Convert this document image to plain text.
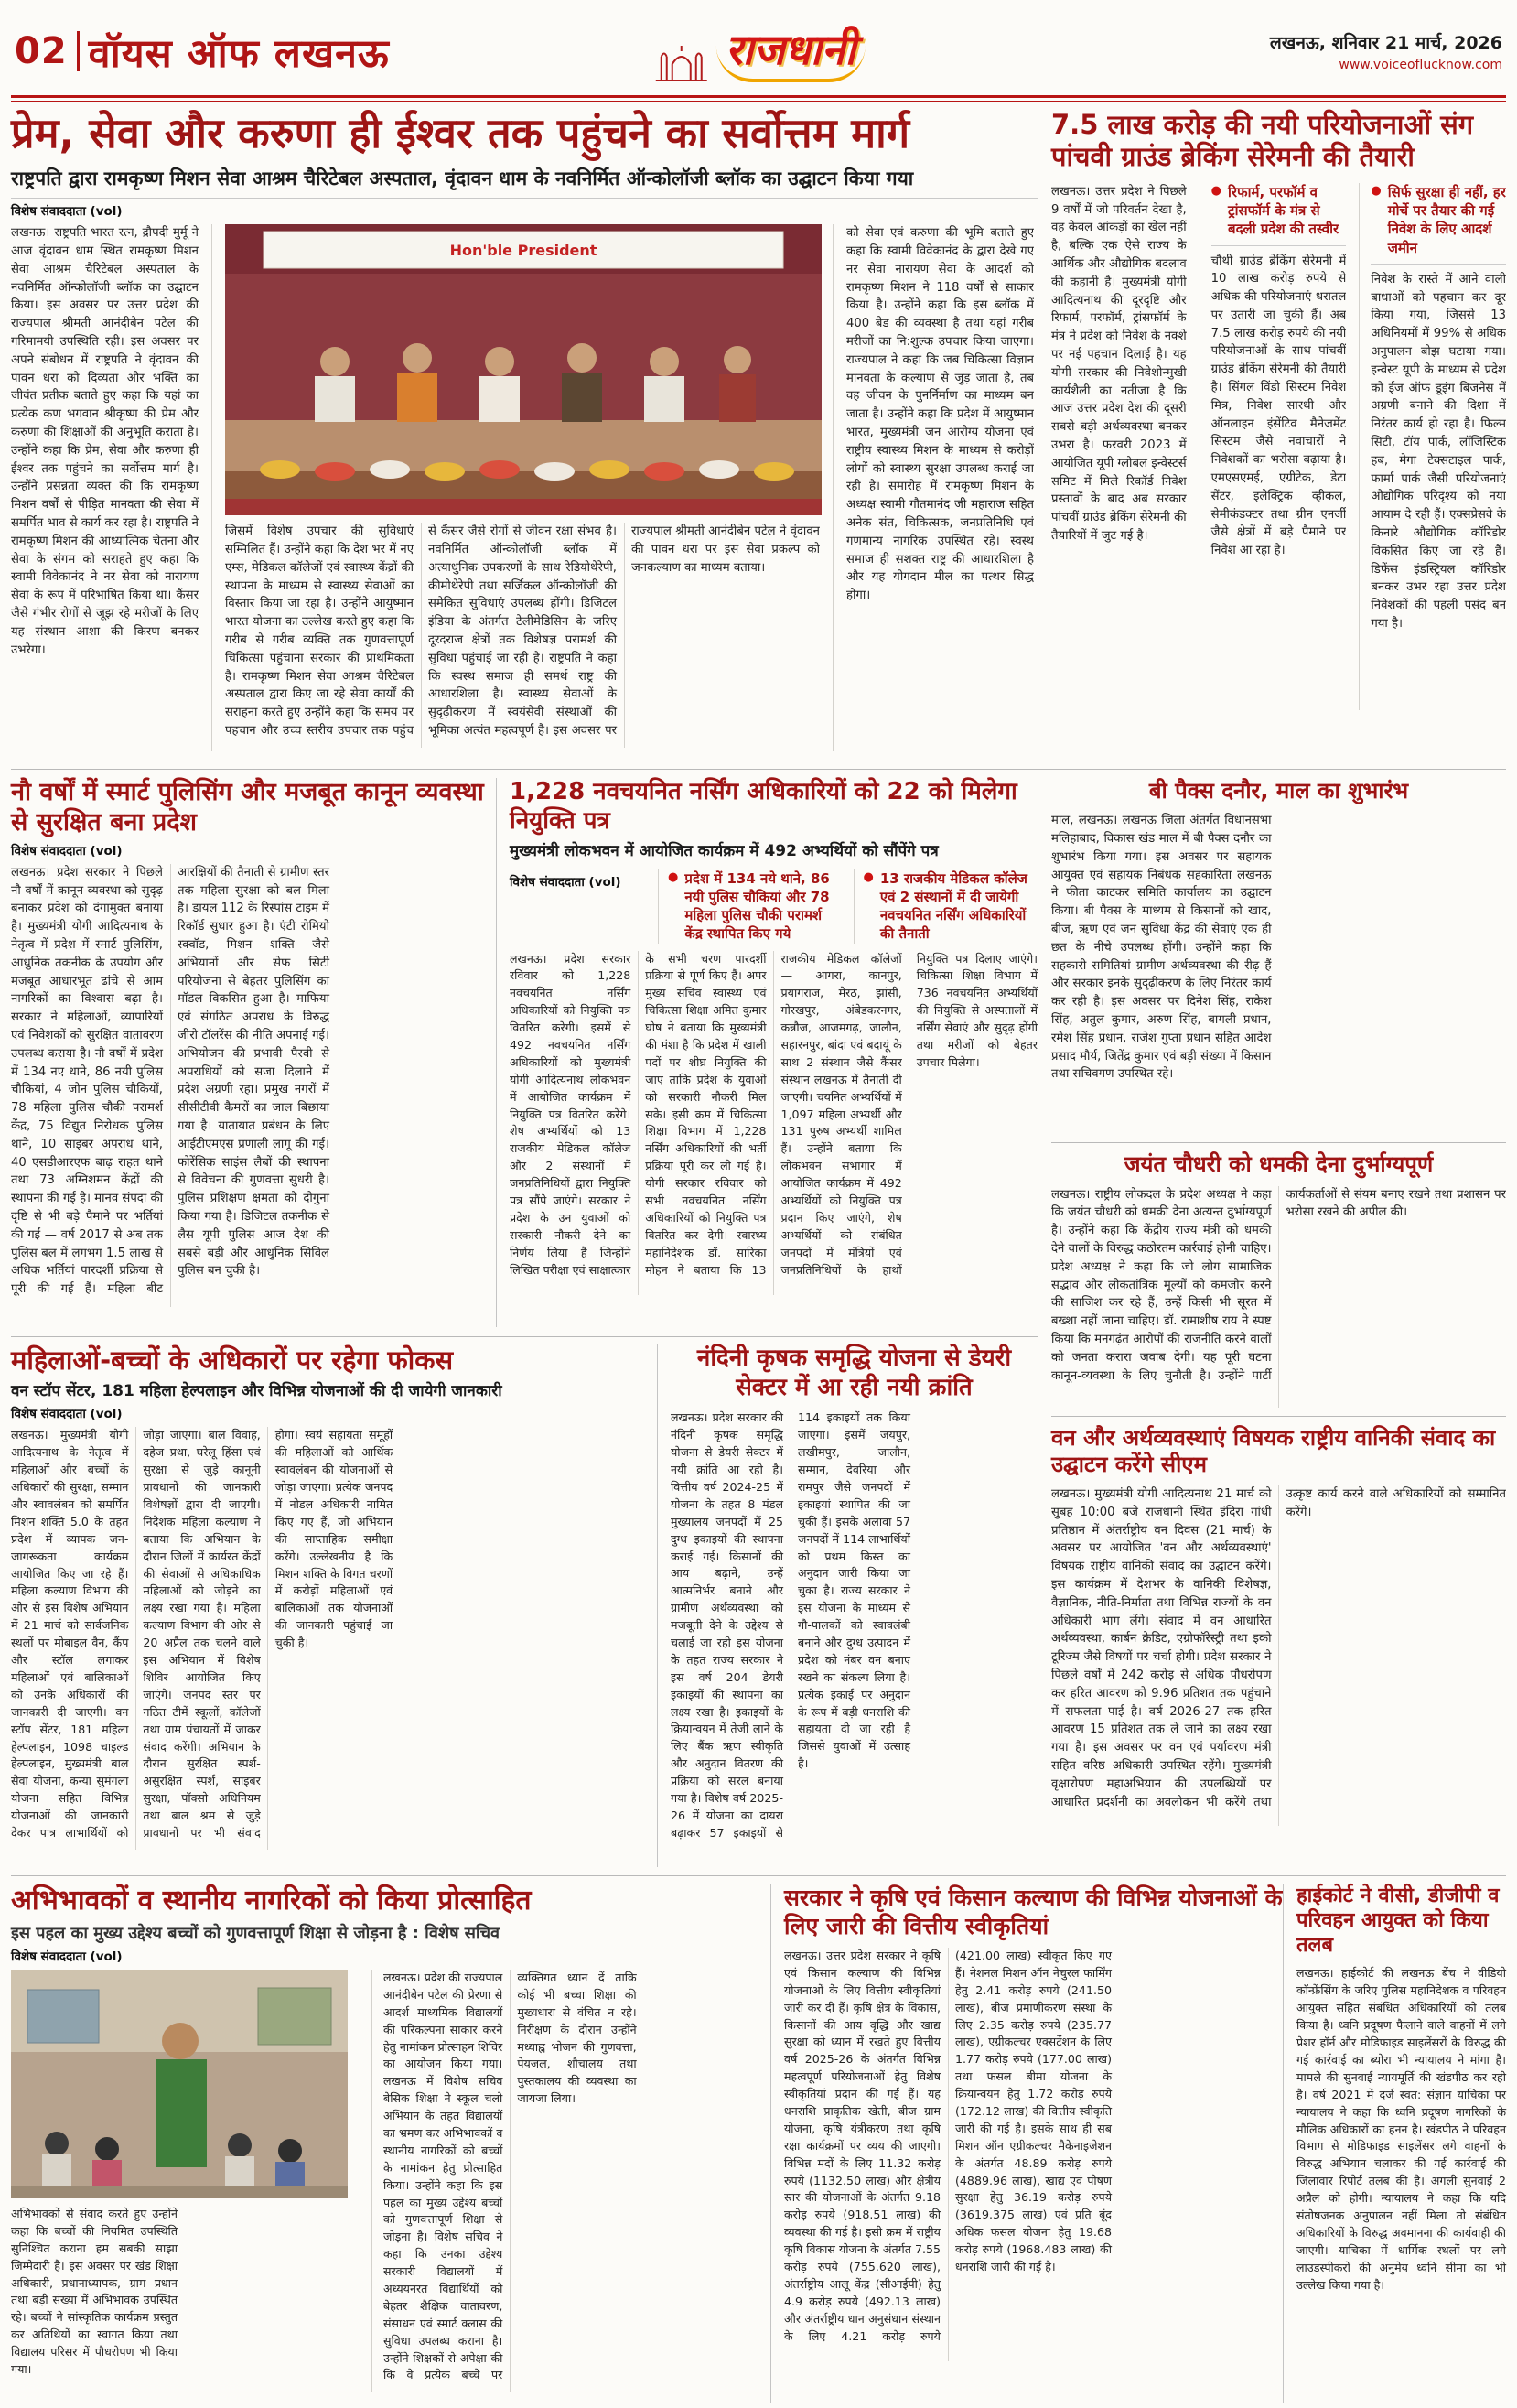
02 वॉयस ऑफ लखनऊ	राजधानी	लखनऊ, शनिवार 21 मार्च, 2026
www.voiceoflucknow.com
प्रेम, सेवा और करुणा ही ईश्वर तक पहुंचने का सर्वोत्तम मार्ग
राष्ट्रपति द्वारा रामकृष्ण मिशन सेवा आश्रम चैरिटेबल अस्पताल, वृंदावन धाम के नवनिर्मित ऑन्कोलॉजी ब्लॉक का उद्घाटन किया गया
विशेष संवाददाता (vol)
लखनऊ। राष्ट्रपति भारत रत्न, द्रौपदी मुर्मू ने आज वृंदावन धाम स्थित रामकृष्ण मिशन सेवा आश्रम चैरिटेबल अस्पताल के नवनिर्मित ऑन्कोलॉजी ब्लॉक का उद्घाटन किया। इस अवसर पर उत्तर प्रदेश की राज्यपाल श्रीमती आनंदीबेन पटेल की गरिमामयी उपस्थिति रही। इस अवसर पर अपने संबोधन में राष्ट्रपति ने वृंदावन की पावन धरा को दिव्यता और भक्ति का जीवंत प्रतीक बताते हुए कहा कि यहां का प्रत्येक कण भगवान श्रीकृष्ण की प्रेम और करुणा की शिक्षाओं की अनुभूति कराता है। उन्होंने कहा कि प्रेम, सेवा और करुणा ही ईश्वर तक पहुंचने का सर्वोत्तम मार्ग है। उन्होंने प्रसन्नता व्यक्त की कि रामकृष्ण मिशन वर्षों से पीड़ित मानवता की सेवा में समर्पित भाव से कार्य कर रहा है। राष्ट्रपति ने रामकृष्ण मिशन की आध्यात्मिक चेतना और सेवा के संगम को सराहते हुए कहा कि स्वामी विवेकानंद ने नर सेवा को नारायण सेवा के रूप में परिभाषित किया था। कैंसर जैसे गंभीर रोगों से जूझ रहे मरीजों के लिए यह संस्थान आशा की किरण बनकर उभरेगा।
Hon'ble President
जिसमें विशेष उपचार की सुविधाएं सम्मिलित हैं। उन्होंने कहा कि देश भर में नए एम्स, मेडिकल कॉलेजों एवं स्वास्थ्य केंद्रों की स्थापना के माध्यम से स्वास्थ्य सेवाओं का विस्तार किया जा रहा है। उन्होंने आयुष्मान भारत योजना का उल्लेख करते हुए कहा कि गरीब से गरीब व्यक्ति तक गुणवत्तापूर्ण चिकित्सा पहुंचाना सरकार की प्राथमिकता है। रामकृष्ण मिशन सेवा आश्रम चैरिटेबल अस्पताल द्वारा किए जा रहे सेवा कार्यों की सराहना करते हुए उन्होंने कहा कि समय पर पहचान और उच्च स्तरीय उपचार तक पहुंच से कैंसर जैसे रोगों से जीवन रक्षा संभव है। नवनिर्मित ऑन्कोलॉजी ब्लॉक में अत्याधुनिक उपकरणों के साथ रेडियोथेरेपी, कीमोथेरेपी तथा सर्जिकल ऑन्कोलॉजी की समेकित सुविधाएं उपलब्ध होंगी। डिजिटल इंडिया के अंतर्गत टेलीमेडिसिन के जरिए दूरदराज क्षेत्रों तक विशेषज्ञ परामर्श की सुविधा पहुंचाई जा रही है। राष्ट्रपति ने कहा कि स्वस्थ समाज ही समर्थ राष्ट्र की आधारशिला है। स्वास्थ्य सेवाओं के सुदृढ़ीकरण में स्वयंसेवी संस्थाओं की भूमिका अत्यंत महत्वपूर्ण है। इस अवसर पर राज्यपाल श्रीमती आनंदीबेन पटेल ने वृंदावन की पावन धरा पर इस सेवा प्रकल्प को जनकल्याण का माध्यम बताया।
को सेवा एवं करुणा की भूमि बताते हुए कहा कि स्वामी विवेकानंद के द्वारा देखे गए नर सेवा नारायण सेवा के आदर्श को रामकृष्ण मिशन ने 118 वर्षों से साकार किया है। उन्होंने कहा कि इस ब्लॉक में 400 बेड की व्यवस्था है तथा यहां गरीब मरीजों का नि:शुल्क उपचार किया जाएगा। राज्यपाल ने कहा कि जब चिकित्सा विज्ञान मानवता के कल्याण से जुड़ जाता है, तब वह जीवन के पुनर्निर्माण का माध्यम बन जाता है। उन्होंने कहा कि प्रदेश में आयुष्मान भारत, मुख्यमंत्री जन आरोग्य योजना एवं राष्ट्रीय स्वास्थ्य मिशन के माध्यम से करोड़ों लोगों को स्वास्थ्य सुरक्षा उपलब्ध कराई जा रही है। समारोह में रामकृष्ण मिशन के अध्यक्ष स्वामी गौतमानंद जी महाराज सहित अनेक संत, चिकित्सक, जनप्रतिनिधि एवं गणमान्य नागरिक उपस्थित रहे। स्वस्थ समाज ही सशक्त राष्ट्र की आधारशिला है और यह योगदान मील का पत्थर सिद्ध होगा।
7.5 लाख करोड़ की नयी परियोजनाओं संग पांचवी ग्राउंड ब्रेकिंग सेरेमनी की तैयारी
लखनऊ। उत्तर प्रदेश ने पिछले 9 वर्षों में जो परिवर्तन देखा है, वह केवल आंकड़ों का खेल नहीं है, बल्कि एक ऐसे राज्य के आर्थिक और औद्योगिक बदलाव की कहानी है। मुख्यमंत्री योगी आदित्यनाथ की दूरदृष्टि और रिफार्म, परफॉर्म, ट्रांसफॉर्म के मंत्र ने प्रदेश को निवेश के नक्शे पर नई पहचान दिलाई है। यह योगी सरकार की निवेशोन्मुखी कार्यशैली का नतीजा है कि आज उत्तर प्रदेश देश की दूसरी सबसे बड़ी अर्थव्यवस्था बनकर उभरा है। फरवरी 2023 में आयोजित यूपी ग्लोबल इन्वेस्टर्स समिट में मिले रिकॉर्ड निवेश प्रस्तावों के बाद अब सरकार पांचवीं ग्राउंड ब्रेकिंग सेरेमनी की तैयारियों में जुट गई है।
● रिफार्म, परफॉर्म व ट्रांसफॉर्म के मंत्र से बदली प्रदेश की तस्वीर
चौथी ग्राउंड ब्रेकिंग सेरेमनी में 10 लाख करोड़ रुपये से अधिक की परियोजनाएं धरातल पर उतारी जा चुकी हैं। अब 7.5 लाख करोड़ रुपये की नयी परियोजनाओं के साथ पांचवीं ग्राउंड ब्रेकिंग सेरेमनी की तैयारी है। सिंगल विंडो सिस्टम निवेश मित्र, निवेश सारथी और ऑनलाइन इंसेंटिव मैनेजमेंट सिस्टम जैसे नवाचारों ने निवेशकों का भरोसा बढ़ाया है। एमएसएमई, एग्रीटेक, डेटा सेंटर, इलेक्ट्रिक व्हीकल, सेमीकंडक्टर तथा ग्रीन एनर्जी जैसे क्षेत्रों में बड़े पैमाने पर निवेश आ रहा है।
● सिर्फ सुरक्षा ही नहीं, हर मोर्चे पर तैयार की गई निवेश के लिए आदर्श जमीन
निवेश के रास्ते में आने वाली बाधाओं को पहचान कर दूर किया गया, जिससे 13 अधिनियमों में 99% से अधिक अनुपालन बोझ घटाया गया। इन्वेस्ट यूपी के माध्यम से प्रदेश को ईज ऑफ डूइंग बिजनेस में अग्रणी बनाने की दिशा में निरंतर कार्य हो रहा है। फिल्म सिटी, टॉय पार्क, लॉजिस्टिक हब, मेगा टेक्सटाइल पार्क, फार्मा पार्क जैसी परियोजनाएं औद्योगिक परिदृश्य को नया आयाम दे रही हैं। एक्सप्रेसवे के किनारे औद्योगिक कॉरिडोर विकसित किए जा रहे हैं। डिफेंस इंडस्ट्रियल कॉरिडोर बनकर उभर रहा उत्तर प्रदेश निवेशकों की पहली पसंद बन गया है।
नौ वर्षों में स्मार्ट पुलिसिंग और मजबूत कानून व्यवस्था से सुरक्षित बना प्रदेश
विशेष संवाददाता (vol)
लखनऊ। प्रदेश सरकार ने पिछले नौ वर्षों में कानून व्यवस्था को सुदृढ़ बनाकर प्रदेश को दंगामुक्त बनाया है। मुख्यमंत्री योगी आदित्यनाथ के नेतृत्व में प्रदेश में स्मार्ट पुलिसिंग, आधुनिक तकनीक के उपयोग और मजबूत आधारभूत ढांचे से आम नागरिकों का विश्वास बढ़ा है। सरकार ने महिलाओं, व्यापारियों एवं निवेशकों को सुरक्षित वातावरण उपलब्ध कराया है। नौ वर्षों में प्रदेश में 134 नए थाने, 86 नयी पुलिस चौकियां, 4 जोन पुलिस चौकियों, 78 महिला पुलिस चौकी परामर्श केंद्र, 75 विद्युत निरोधक पुलिस थाने, 10 साइबर अपराध थाने, 40 एसडीआरएफ बाढ़ राहत थाने तथा 73 अग्निशमन केंद्रों की स्थापना की गई है। मानव संपदा की दृष्टि से भी बड़े पैमाने पर भर्तियां की गईं — वर्ष 2017 से अब तक पुलिस बल में लगभग 1.5 लाख से अधिक भर्तियां पारदर्शी प्रक्रिया से पूरी की गई हैं। महिला बीट आरक्षियों की तैनाती से ग्रामीण स्तर तक महिला सुरक्षा को बल मिला है। डायल 112 के रिस्पांस टाइम में रिकॉर्ड सुधार हुआ है। एंटी रोमियो स्क्वॉड, मिशन शक्ति जैसे अभियानों और सेफ सिटी परियोजना से बेहतर पुलिसिंग का मॉडल विकसित हुआ है। माफिया एवं संगठित अपराध के विरुद्ध जीरो टॉलरेंस की नीति अपनाई गई। अभियोजन की प्रभावी पैरवी से अपराधियों को सजा दिलाने में प्रदेश अग्रणी रहा। प्रमुख नगरों में सीसीटीवी कैमरों का जाल बिछाया गया है। यातायात प्रबंधन के लिए आईटीएमएस प्रणाली लागू की गई। फोरेंसिक साइंस लैबों की स्थापना से विवेचना की गुणवत्ता सुधरी है। पुलिस प्रशिक्षण क्षमता को दोगुना किया गया है। डिजिटल तकनीक से लैस यूपी पुलिस आज देश की सबसे बड़ी और आधुनिक सिविल पुलिस बन चुकी है।
1,228 नवचयनित नर्सिंग अधिकारियों को 22 को मिलेगा नियुक्ति पत्र
मुख्यमंत्री लोकभवन में आयोजित कार्यक्रम में 492 अभ्यर्थियों को सौंपेंगे पत्र
विशेष संवाददाता (vol)	● प्रदेश में 134 नये थाने, 86 नयी पुलिस चौकियां और 78 महिला पुलिस चौकी परामर्श केंद्र स्थापित किए गये
● 13 राजकीय मेडिकल कॉलेज एवं 2 संस्थानों में दी जायेगी नवचयनित नर्सिंग अधिकारियों की तैनाती
लखनऊ। प्रदेश सरकार रविवार को 1,228 नवचयनित नर्सिंग अधिकारियों को नियुक्ति पत्र वितरित करेगी। इसमें से 492 नवचयनित नर्सिंग अधिकारियों को मुख्यमंत्री योगी आदित्यनाथ लोकभवन में आयोजित कार्यक्रम में नियुक्ति पत्र वितरित करेंगे। शेष अभ्यर्थियों को 13 राजकीय मेडिकल कॉलेज और 2 संस्थानों में जनप्रतिनिधियों द्वारा नियुक्ति पत्र सौंपे जाएंगे। सरकार ने प्रदेश के उन युवाओं को सरकारी नौकरी देने का निर्णय लिया है जिन्होंने लिखित परीक्षा एवं साक्षात्कार के सभी चरण पारदर्शी प्रक्रिया से पूर्ण किए हैं। अपर मुख्य सचिव स्वास्थ्य एवं चिकित्सा शिक्षा अमित कुमार घोष ने बताया कि मुख्यमंत्री की मंशा है कि प्रदेश में खाली पदों पर शीघ्र नियुक्ति की जाए ताकि प्रदेश के युवाओं को सरकारी नौकरी मिल सके। इसी क्रम में चिकित्सा शिक्षा विभाग में 1,228 नर्सिंग अधिकारियों की भर्ती प्रक्रिया पूरी कर ली गई है। योगी सरकार रविवार को सभी नवचयनित नर्सिंग अधिकारियों को नियुक्ति पत्र वितरित कर देगी। स्वास्थ्य महानिदेशक डॉ. सारिका मोहन ने बताया कि 13 राजकीय मेडिकल कॉलेजों — आगरा, कानपुर, प्रयागराज, मेरठ, झांसी, गोरखपुर, अंबेडकरनगर, कन्नौज, आजमगढ़, जालौन, सहारनपुर, बांदा एवं बदायूं के साथ 2 संस्थान जैसे कैंसर संस्थान लखनऊ में तैनाती दी जाएगी। चयनित अभ्यर्थियों में 1,097 महिला अभ्यर्थी और 131 पुरुष अभ्यर्थी शामिल हैं। उन्होंने बताया कि लोकभवन सभागार में आयोजित कार्यक्रम में 492 अभ्यर्थियों को नियुक्ति पत्र प्रदान किए जाएंगे, शेष अभ्यर्थियों को संबंधित जनपदों में मंत्रियों एवं जनप्रतिनिधियों के हाथों नियुक्ति पत्र दिलाए जाएंगे। चिकित्सा शिक्षा विभाग में 736 नवचयनित अभ्यर्थियों की नियुक्ति से अस्पतालों में नर्सिंग सेवाएं और सुदृढ़ होंगी तथा मरीजों को बेहतर उपचार मिलेगा।
महिलाओं-बच्चों के अधिकारों पर रहेगा फोकस
वन स्टॉप सेंटर, 181 महिला हेल्पलाइन और विभिन्न योजनाओं की दी जायेगी जानकारी
विशेष संवाददाता (vol)
लखनऊ। मुख्यमंत्री योगी आदित्यनाथ के नेतृत्व में महिलाओं और बच्चों के अधिकारों की सुरक्षा, सम्मान और स्वावलंबन को समर्पित मिशन शक्ति 5.0 के तहत प्रदेश में व्यापक जन-जागरूकता कार्यक्रम आयोजित किए जा रहे हैं। महिला कल्याण विभाग की ओर से इस विशेष अभियान में 21 मार्च को सार्वजनिक स्थलों पर मोबाइल वैन, कैंप और स्टॉल लगाकर महिलाओं एवं बालिकाओं को उनके अधिकारों की जानकारी दी जाएगी। वन स्टॉप सेंटर, 181 महिला हेल्पलाइन, 1098 चाइल्ड हेल्पलाइन, मुख्यमंत्री बाल सेवा योजना, कन्या सुमंगला योजना सहित विभिन्न योजनाओं की जानकारी देकर पात्र लाभार्थियों को जोड़ा जाएगा। बाल विवाह, दहेज प्रथा, घरेलू हिंसा एवं सुरक्षा से जुड़े कानूनी प्रावधानों की जानकारी विशेषज्ञों द्वारा दी जाएगी। निदेशक महिला कल्याण ने बताया कि अभियान के दौरान जिलों में कार्यरत केंद्रों की सेवाओं से अधिकाधिक महिलाओं को जोड़ने का लक्ष्य रखा गया है। महिला कल्याण विभाग की ओर से 20 अप्रैल तक चलने वाले इस अभियान में विशेष शिविर आयोजित किए जाएंगे। जनपद स्तर पर गठित टीमें स्कूलों, कॉलेजों तथा ग्राम पंचायतों में जाकर संवाद करेंगी। अभियान के दौरान सुरक्षित स्पर्श-असुरक्षित स्पर्श, साइबर सुरक्षा, पॉक्सो अधिनियम तथा बाल श्रम से जुड़े प्रावधानों पर भी संवाद होगा। स्वयं सहायता समूहों की महिलाओं को आर्थिक स्वावलंबन की योजनाओं से जोड़ा जाएगा। प्रत्येक जनपद में नोडल अधिकारी नामित किए गए हैं, जो अभियान की साप्ताहिक समीक्षा करेंगे। उल्लेखनीय है कि मिशन शक्ति के विगत चरणों में करोड़ों महिलाओं एवं बालिकाओं तक योजनाओं की जानकारी पहुंचाई जा चुकी है।
नंदिनी कृषक समृद्धि योजना से डेयरी सेक्टर में आ रही नयी क्रांति
लखनऊ। प्रदेश सरकार की नंदिनी कृषक समृद्धि योजना से डेयरी सेक्टर में नयी क्रांति आ रही है। वित्तीय वर्ष 2024-25 में योजना के तहत 8 मंडल मुख्यालय जनपदों में 25 दुग्ध इकाइयों की स्थापना कराई गई। किसानों की आय बढ़ाने, उन्हें आत्मनिर्भर बनाने और ग्रामीण अर्थव्यवस्था को मजबूती देने के उद्देश्य से चलाई जा रही इस योजना के तहत राज्य सरकार ने इस वर्ष 204 डेयरी इकाइयों की स्थापना का लक्ष्य रखा है। इकाइयों के क्रियान्वयन में तेजी लाने के लिए बैंक ऋण स्वीकृति और अनुदान वितरण की प्रक्रिया को सरल बनाया गया है। विशेष वर्ष 2025-26 में योजना का दायरा बढ़ाकर 57 इकाइयों से 114 इकाइयों तक किया जाएगा। इसमें जयपुर, लखीमपुर, जालौन, सम्मान, देवरिया और रामपुर जैसे जनपदों में इकाइयां स्थापित की जा चुकी हैं। इसके अलावा 57 जनपदों में 114 लाभार्थियों को प्रथम किस्त का अनुदान जारी किया जा चुका है। राज्य सरकार ने इस योजना के माध्यम से गौ-पालकों को स्वावलंबी बनाने और दुग्ध उत्पादन में प्रदेश को नंबर वन बनाए रखने का संकल्प लिया है। प्रत्येक इकाई पर अनुदान के रूप में बड़ी धनराशि की सहायता दी जा रही है जिससे युवाओं में उत्साह है।
बी पैक्स दनौर, माल का शुभारंभ
माल, लखनऊ। लखनऊ जिला अंतर्गत विधानसभा मलिहाबाद, विकास खंड माल में बी पैक्स दनौर का शुभारंभ किया गया। इस अवसर पर सहायक आयुक्त एवं सहायक निबंधक सहकारिता लखनऊ ने फीता काटकर समिति कार्यालय का उद्घाटन किया। बी पैक्स के माध्यम से किसानों को खाद, बीज, ऋण एवं जन सुविधा केंद्र की सेवाएं एक ही छत के नीचे उपलब्ध होंगी। उन्होंने कहा कि सहकारी समितियां ग्रामीण अर्थव्यवस्था की रीढ़ हैं और सरकार इनके सुदृढ़ीकरण के लिए निरंतर कार्य कर रही है। इस अवसर पर दिनेश सिंह, राकेश सिंह, अतुल कुमार, अरुण सिंह, बागली प्रधान, रमेश सिंह प्रधान, राजेश गुप्ता प्रधान सहित आदेश प्रसाद मौर्य, जितेंद्र कुमार एवं बड़ी संख्या में किसान तथा सचिवगण उपस्थित रहे।
जयंत चौधरी को धमकी देना दुर्भाग्यपूर्ण
लखनऊ। राष्ट्रीय लोकदल के प्रदेश अध्यक्ष ने कहा कि जयंत चौधरी को धमकी देना अत्यन्त दुर्भाग्यपूर्ण है। उन्होंने कहा कि केंद्रीय राज्य मंत्री को धमकी देने वालों के विरुद्ध कठोरतम कार्रवाई होनी चाहिए। प्रदेश अध्यक्ष ने कहा कि जो लोग सामाजिक सद्भाव और लोकतांत्रिक मूल्यों को कमजोर करने की साजिश कर रहे हैं, उन्हें किसी भी सूरत में बख्शा नहीं जाना चाहिए। डॉ. रामाशीष राय ने स्पष्ट किया कि मनगढ़ंत आरोपों की राजनीति करने वालों को जनता करारा जवाब देगी। यह पूरी घटना कानून-व्यवस्था के लिए चुनौती है। उन्होंने पार्टी कार्यकर्ताओं से संयम बनाए रखने तथा प्रशासन पर भरोसा रखने की अपील की।
वन और अर्थव्यवस्थाएं विषयक राष्ट्रीय वानिकी संवाद का उद्घाटन करेंगे सीएम
लखनऊ। मुख्यमंत्री योगी आदित्यनाथ 21 मार्च को सुबह 10:00 बजे राजधानी स्थित इंदिरा गांधी प्रतिष्ठान में अंतर्राष्ट्रीय वन दिवस (21 मार्च) के अवसर पर आयोजित 'वन और अर्थव्यवस्थाएं' विषयक राष्ट्रीय वानिकी संवाद का उद्घाटन करेंगे। इस कार्यक्रम में देशभर के वानिकी विशेषज्ञ, वैज्ञानिक, नीति-निर्माता तथा विभिन्न राज्यों के वन अधिकारी भाग लेंगे। संवाद में वन आधारित अर्थव्यवस्था, कार्बन क्रेडिट, एग्रोफॉरेस्ट्री तथा इको टूरिज्म जैसे विषयों पर चर्चा होगी। प्रदेश सरकार ने पिछले वर्षों में 242 करोड़ से अधिक पौधरोपण कर हरित आवरण को 9.96 प्रतिशत तक पहुंचाने में सफलता पाई है। वर्ष 2026-27 तक हरित आवरण 15 प्रतिशत तक ले जाने का लक्ष्य रखा गया है। इस अवसर पर वन एवं पर्यावरण मंत्री सहित वरिष्ठ अधिकारी उपस्थित रहेंगे। मुख्यमंत्री वृक्षारोपण महाअभियान की उपलब्धियों पर आधारित प्रदर्शनी का अवलोकन भी करेंगे तथा उत्कृष्ट कार्य करने वाले अधिकारियों को सम्मानित करेंगे।
अभिभावकों व स्थानीय नागरिकों को किया प्रोत्साहित
इस पहल का मुख्य उद्देश्य बच्चों को गुणवत्तापूर्ण शिक्षा से जोड़ना है : विशेष सचिव
विशेष संवाददाता (vol)
अभिभावकों से संवाद करते हुए उन्होंने कहा कि बच्चों की नियमित उपस्थिति सुनिश्चित कराना हम सबकी साझा जिम्मेदारी है। इस अवसर पर खंड शिक्षा अधिकारी, प्रधानाध्यापक, ग्राम प्रधान तथा बड़ी संख्या में अभिभावक उपस्थित रहे। बच्चों ने सांस्कृतिक कार्यक्रम प्रस्तुत कर अतिथियों का स्वागत किया तथा विद्यालय परिसर में पौधरोपण भी किया गया।
लखनऊ। प्रदेश की राज्यपाल आनंदीबेन पटेल की प्रेरणा से आदर्श माध्यमिक विद्यालयों की परिकल्पना साकार करने हेतु नामांकन प्रोत्साहन शिविर का आयोजन किया गया। लखनऊ में विशेष सचिव बेसिक शिक्षा ने स्कूल चलो अभियान के तहत विद्यालयों का भ्रमण कर अभिभावकों व स्थानीय नागरिकों को बच्चों के नामांकन हेतु प्रोत्साहित किया। उन्होंने कहा कि इस पहल का मुख्य उद्देश्य बच्चों को गुणवत्तापूर्ण शिक्षा से जोड़ना है। विशेष सचिव ने कहा कि उनका उद्देश्य सरकारी विद्यालयों में अध्ययनरत विद्यार्थियों को बेहतर शैक्षिक वातावरण, संसाधन एवं स्मार्ट क्लास की सुविधा उपलब्ध कराना है। उन्होंने शिक्षकों से अपेक्षा की कि वे प्रत्येक बच्चे पर व्यक्तिगत ध्यान दें ताकि कोई भी बच्चा शिक्षा की मुख्यधारा से वंचित न रहे। निरीक्षण के दौरान उन्होंने मध्याह्न भोजन की गुणवत्ता, पेयजल, शौचालय तथा पुस्तकालय की व्यवस्था का जायजा लिया।
सरकार ने कृषि एवं किसान कल्याण की विभिन्न योजनाओं के लिए जारी की वित्तीय स्वीकृतियां
लखनऊ। उत्तर प्रदेश सरकार ने कृषि एवं किसान कल्याण की विभिन्न योजनाओं के लिए वित्तीय स्वीकृतियां जारी कर दी हैं। कृषि क्षेत्र के विकास, किसानों की आय वृद्धि और खाद्य सुरक्षा को ध्यान में रखते हुए वित्तीय वर्ष 2025-26 के अंतर्गत विभिन्न महत्वपूर्ण परियोजनाओं हेतु विशेष स्वीकृतियां प्रदान की गई हैं। यह धनराशि प्राकृतिक खेती, बीज ग्राम योजना, कृषि यंत्रीकरण तथा कृषि रक्षा कार्यक्रमों पर व्यय की जाएगी। विभिन्न मदों के लिए 11.32 करोड़ रुपये (1132.50 लाख) और क्षेत्रीय स्तर की योजनाओं के अंतर्गत 9.18 करोड़ रुपये (918.51 लाख) की व्यवस्था की गई है। इसी क्रम में राष्ट्रीय कृषि विकास योजना के अंतर्गत 7.55 करोड़ रुपये (755.620 लाख), अंतर्राष्ट्रीय आलू केंद्र (सीआईपी) हेतु 4.9 करोड़ रुपये (492.13 लाख) और अंतर्राष्ट्रीय धान अनुसंधान संस्थान के लिए 4.21 करोड़ रुपये (421.00 लाख) स्वीकृत किए गए हैं। नेशनल मिशन ऑन नेचुरल फार्मिंग हेतु 2.41 करोड़ रुपये (241.50 लाख), बीज प्रमाणीकरण संस्था के लिए 2.35 करोड़ रुपये (235.77 लाख), एग्रीकल्चर एक्सटेंशन के लिए 1.77 करोड़ रुपये (177.00 लाख) तथा फसल बीमा योजना के क्रियान्वयन हेतु 1.72 करोड़ रुपये (172.12 लाख) की वित्तीय स्वीकृति जारी की गई है। इसके साथ ही सब मिशन ऑन एग्रीकल्चर मैकेनाइजेशन के अंतर्गत 48.89 करोड़ रुपये (4889.96 लाख), खाद्य एवं पोषण सुरक्षा हेतु 36.19 करोड़ रुपये (3619.375 लाख) एवं प्रति बूंद अधिक फसल योजना हेतु 19.68 करोड़ रुपये (1968.483 लाख) की धनराशि जारी की गई है।
हाईकोर्ट ने वीसी, डीजीपी व परिवहन आयुक्त को किया तलब
लखनऊ। हाईकोर्ट की लखनऊ बेंच ने वीडियो कॉन्फ्रेंसिंग के जरिए पुलिस महानिदेशक व परिवहन आयुक्त सहित संबंधित अधिकारियों को तलब किया है। ध्वनि प्रदूषण फैलाने वाले वाहनों में लगे प्रेशर हॉर्न और मोडिफाइड साइलेंसरों के विरुद्ध की गई कार्रवाई का ब्योरा भी न्यायालय ने मांगा है। मामले की सुनवाई न्यायमूर्ति की खंडपीठ कर रही है। वर्ष 2021 में दर्ज स्वत: संज्ञान याचिका पर न्यायालय ने कहा कि ध्वनि प्रदूषण नागरिकों के मौलिक अधिकारों का हनन है। खंडपीठ ने परिवहन विभाग से मोडिफाइड साइलेंसर लगे वाहनों के विरुद्ध अभियान चलाकर की गई कार्रवाई की जिलावार रिपोर्ट तलब की है। अगली सुनवाई 2 अप्रैल को होगी। न्यायालय ने कहा कि यदि संतोषजनक अनुपालन नहीं मिला तो संबंधित अधिकारियों के विरुद्ध अवमानना की कार्यवाही की जाएगी। याचिका में धार्मिक स्थलों पर लगे लाउडस्पीकरों की अनुमेय ध्वनि सीमा का भी उल्लेख किया गया है।
